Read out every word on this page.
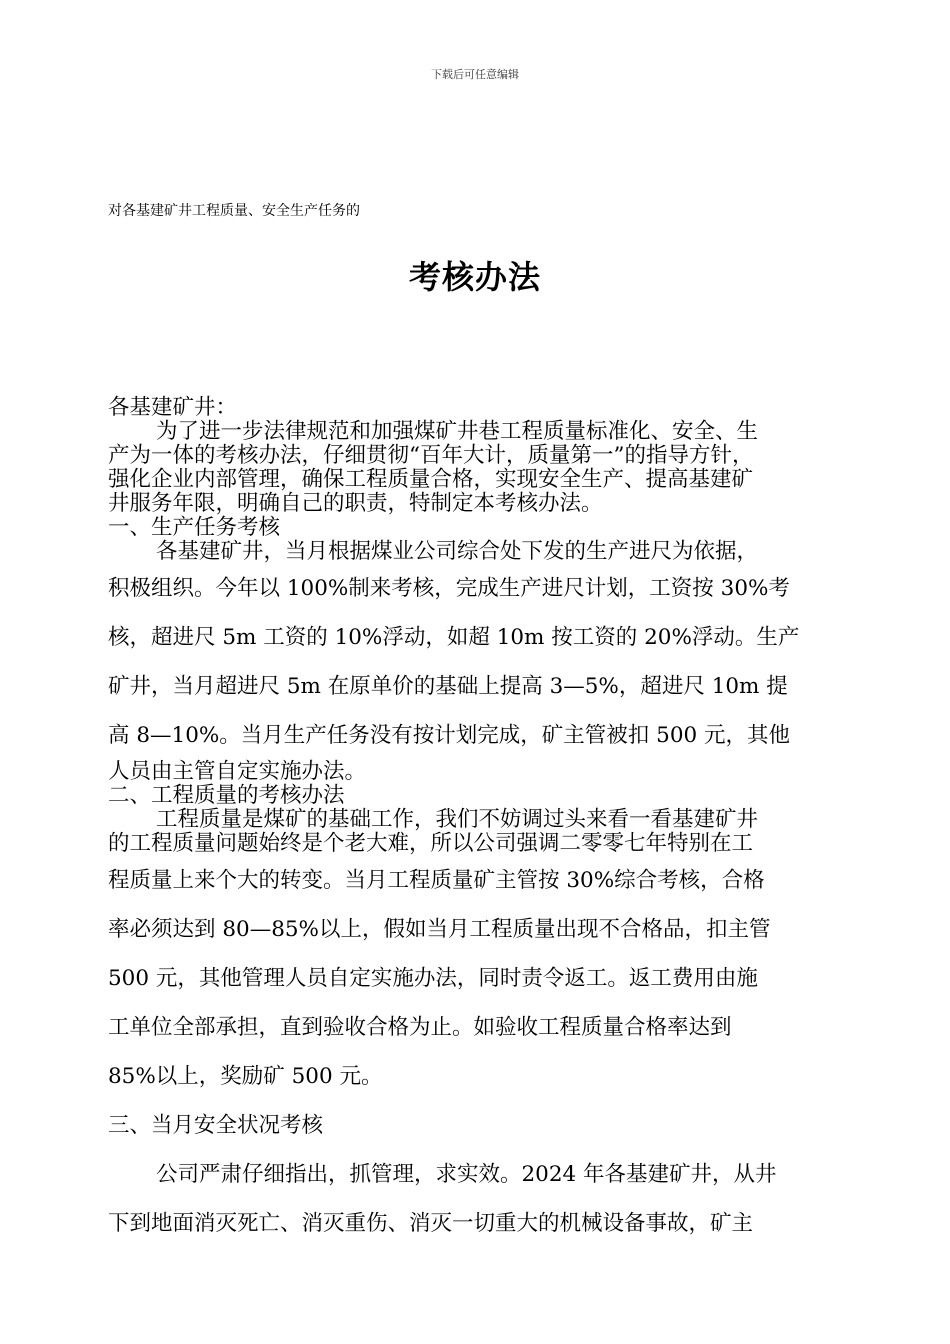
下载后可任意编辑
对各基建矿井工程质量、安全生产任务的
考核办法
各基建矿井：
为了进一步法律规范和加强煤矿井巷工程质量标准化、安全、生
产为一体的考核办法，仔细贯彻“百年大计，质量第一”的指导方针，
强化企业内部管理，确保工程质量合格，实现安全生产、提高基建矿
井服务年限，明确自己的职责，特制定本考核办法。
一、生产任务考核
各基建矿井，当月根据煤业公司综合处下发的生产进尺为依据，
积极组织。今年以 100%制来考核，完成生产进尺计划，工资按 30%考
核，超进尺 5m 工资的 10%浮动，如超 10m 按工资的 20%浮动。生产
矿井，当月超进尺 5m 在原单价的基础上提高 3—5%，超进尺 10m 提
高 8—10%。当月生产任务没有按计划完成，矿主管被扣 500 元，其他
人员由主管自定实施办法。
二、工程质量的考核办法
工程质量是煤矿的基础工作，我们不妨调过头来看一看基建矿井
的工程质量问题始终是个老大难，所以公司强调二零零七年特别在工
程质量上来个大的转变。当月工程质量矿主管按 30%综合考核，合格
率必须达到 80—85%以上，假如当月工程质量出现不合格品，扣主管
500 元，其他管理人员自定实施办法，同时责令返工。返工费用由施
工单位全部承担，直到验收合格为止。如验收工程质量合格率达到
85%以上，奖励矿 500 元。
三、当月安全状况考核
公司严肃仔细指出，抓管理，求实效。2024 年各基建矿井，从井
下到地面消灭死亡、消灭重伤、消灭一切重大的机械设备事故，矿主
